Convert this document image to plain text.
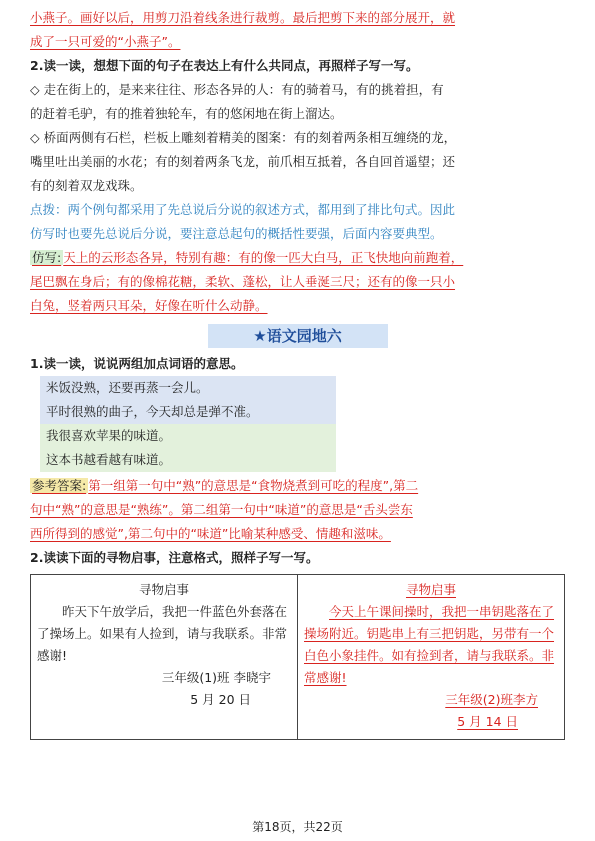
小燕子。画好以后，用剪刀沿着线条进行裁剪。最后把剪下来的部分展开，就
成了一只可爱的“小燕子”。

2.读一读，想想下面的句子在表达上有什么共同点，再照样子写一写。

◇ 走在街上的，是来来往往、形态各异的人：有的骑着马，有的挑着担，有
的赶着毛驴，有的推着独轮车，有的悠闲地在街上溜达。
◇ 桥面两侧有石栏，栏板上雕刻着精美的图案：有的刻着两条相互缠绕的龙，
嘴里吐出美丽的水花；有的刻着两条飞龙，前爪相互抵着，各自回首遥望；还
有的刻着双龙戏珠。
点拨：两个例句都采用了先总说后分说的叙述方式，都用到了排比句式。因此
仿写时也要先总说后分说，要注意总起句的概括性要强，后面内容要典型。
仿写: 天上的云形态各异，特别有趣：有的像一匹大白马，正飞快地向前跑着，
尾巴飘在身后；有的像棉花糖，柔软、蓬松，让人垂涎三尺；还有的像一只小
白兔，竖着两只耳朵，好像在听什么动静。
★语文园地六

1.读一读，说说两组加点词语的意思。

米饭没熟，还要再蒸一会儿。
平时很熟的曲子，今天却总是弹不准。
我很喜欢苹果的味道。
这本书越看越有味道。
参考答案: 第一组第一句中“熟”的意思是“食物烧煮到可吃的程度”,第二
句中“熟”的意思是“熟练”。第二组第一句中“味道”的意思是“舌头尝东
西所得到的感觉”,第二句中的“味道”比喻某种感受、情趣和滋味。

2.读读下面的寻物启事，注意格式，照样子写一写。

寻物启事
昨天下午放学后，我把一件蓝色外套落在了操场上。如果有人捡到，请与我联系。非常感谢!
三年级(1)班 李晓宇
5 月 20 日

寻物启事
今天上午课间操时，我把一串钥匙落在了操场附近。钥匙串上有三把钥匙，另带有一个白色小象挂件。如有捡到者，请与我联系。非常感谢!
三年级(2)班李方
5 月 14 日
第18页，共22页
